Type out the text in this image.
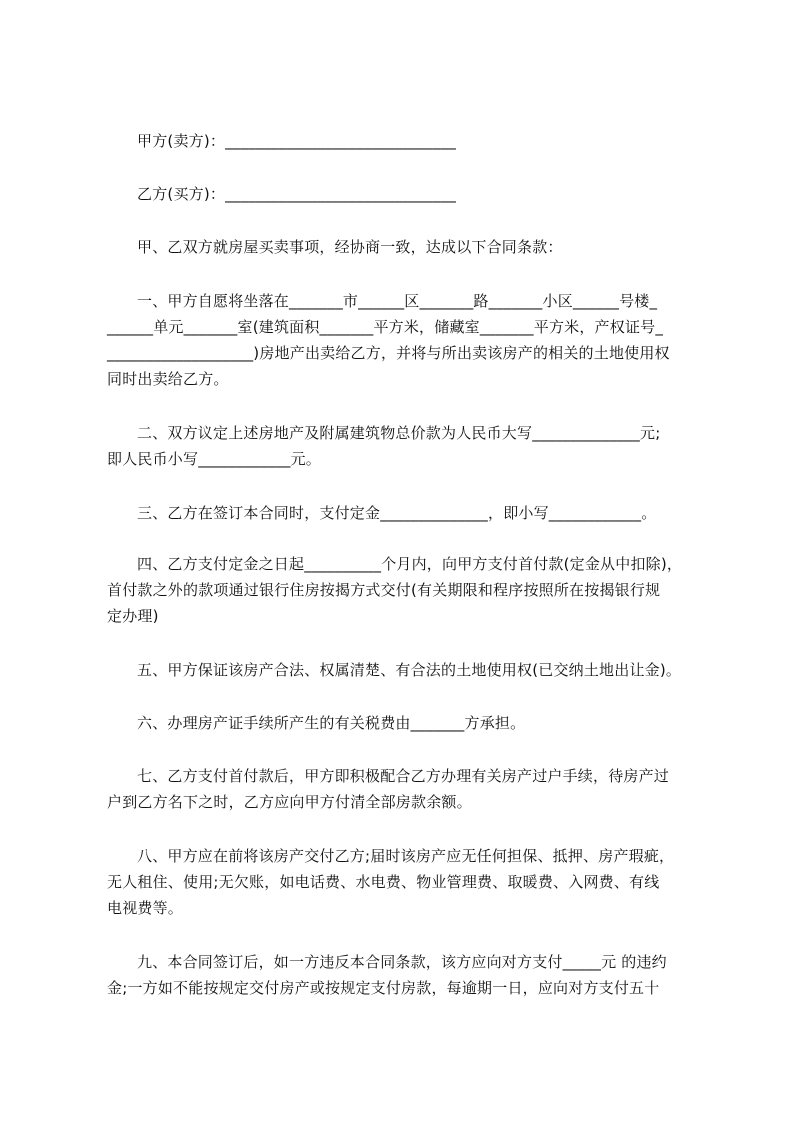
甲方(卖方)：______________________________
乙方(买方)：______________________________
甲、乙双方就房屋买卖事项，经协商一致，达成以下合同条款：
一、甲方自愿将坐落在_______市______区_______路_______小区______号楼_
______单元_______室(建筑面积_______平方米，储藏室_______平方米，产权证号_
___________________)房地产出卖给乙方，并将与所出卖该房产的相关的土地使用权
同时出卖给乙方。
二、双方议定上述房地产及附属建筑物总价款为人民币大写______________元;
即人民币小写____________元。
三、乙方在签订本合同时，支付定金______________，即小写____________。
四、乙方支付定金之日起__________个月内，向甲方支付首付款(定金从中扣除)，
首付款之外的款项通过银行住房按揭方式交付(有关期限和程序按照所在按揭银行规
定办理)
五、甲方保证该房产合法、权属清楚、有合法的土地使用权(已交纳土地出让金)。
六、办理房产证手续所产生的有关税费由_______方承担。
七、乙方支付首付款后，甲方即积极配合乙方办理有关房产过户手续，待房产过
户到乙方名下之时，乙方应向甲方付清全部房款余额。
八、甲方应在前将该房产交付乙方;届时该房产应无任何担保、抵押、房产瑕疵，
无人租住、使用;无欠账，如电话费、水电费、物业管理费、取暖费、入网费、有线
电视费等。
九、本合同签订后，如一方违反本合同条款，该方应向对方支付_____元 的违约
金;一方如不能按规定交付房产或按规定支付房款，每逾期一日，应向对方支付五十
